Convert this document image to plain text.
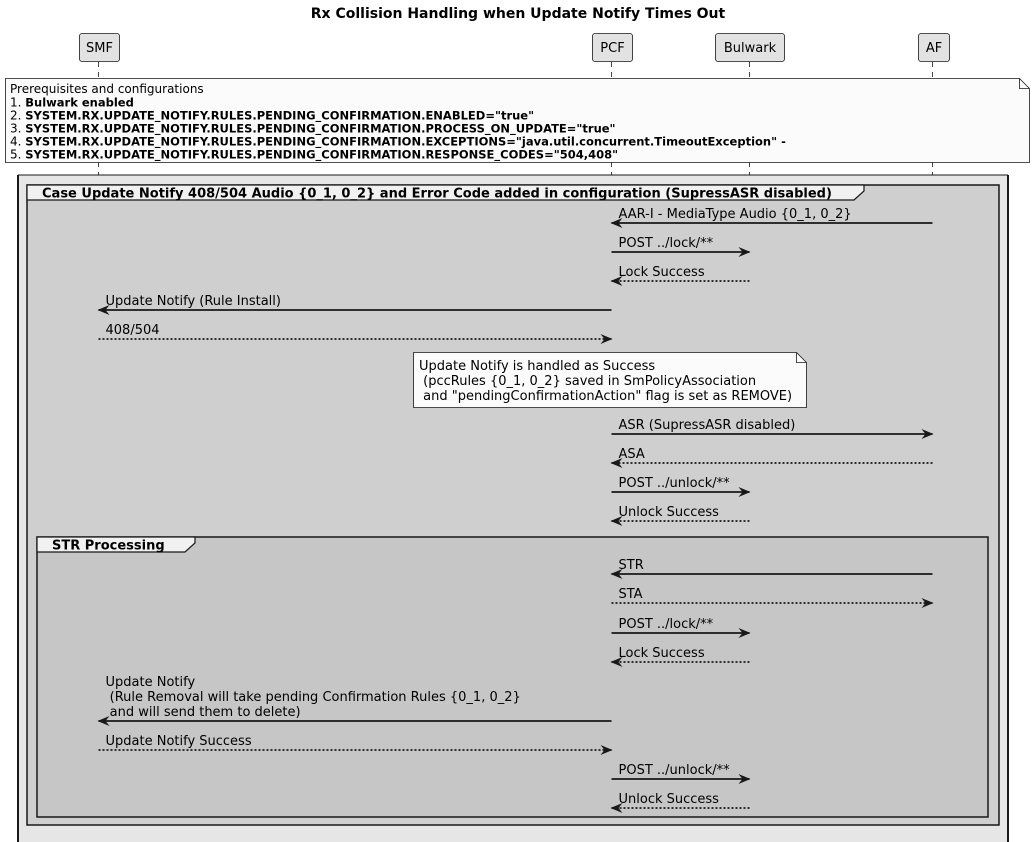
Rx Collision Handling when Update Notify Times Out
SMF	PCF	Bulwark	AF
Prerequisites and configurations
1. Bulwark enabled
2. SYSTEM.RX.UPDATE_NOTIFY.RULES.PENDING_CONFIRMATION.ENABLED="true"
3. SYSTEM.RX.UPDATE_NOTIFY.RULES.PENDING_CONFIRMATION.PROCESS_ON_UPDATE="true"
4. SYSTEM.RX.UPDATE_NOTIFY.RULES.PENDING_CONFIRMATION.EXCEPTIONS="java.util.concurrent.TimeoutException" -
5. SYSTEM.RX.UPDATE_NOTIFY.RULES.PENDING_CONFIRMATION.RESPONSE_CODES="504,408"
Case Update Notify 408/504 Audio {0_1, 0_2} and Error Code added in configuration (SupressASR disabled)
STR Processing
Update Notify is handled as Success
(pccRules {0_1, 0_2} saved in SmPolicyAssociation
and "pendingConfirmationAction" flag is set as REMOVE)
AAR-I - MediaType Audio {0_1, 0_2}
POST ../lock/**
Lock Success
Update Notify (Rule Install)
408/504
ASR (SupressASR disabled)
ASA
POST ../unlock/**
Unlock Success
STR
STA
POST ../lock/**
Lock Success
Update Notify
(Rule Removal will take pending Confirmation Rules {0_1, 0_2}
and will send them to delete)
Update Notify Success
POST ../unlock/**
Unlock Success
